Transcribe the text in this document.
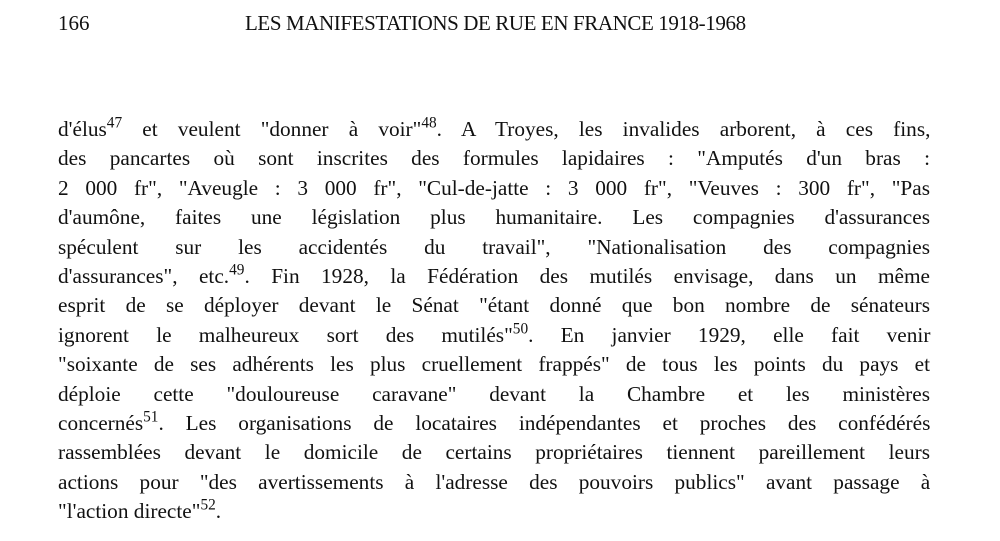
166	LES MANIFESTATIONS DE RUE EN FRANCE 1918-1968
d'élus$^{47}$ et veulent "donner à voir"$^{48}$. A Troyes, les invalides arborent, à ces fins,
des pancartes où sont inscrites des formules lapidaires : "Amputés d'un bras :
2 000 fr", "Aveugle : 3 000 fr", "Cul-de-jatte : 3 000 fr", "Veuves : 300 fr", "Pas
d'aumône, faites une législation plus humanitaire. Les compagnies d'assurances
spéculent sur les accidentés du travail", "Nationalisation des compagnies
d'assurances", etc.$^{49}$. Fin 1928, la Fédération des mutilés envisage, dans un même
esprit de se déployer devant le Sénat "étant donné que bon nombre de sénateurs
ignorent le malheureux sort des mutilés"$^{50}$. En janvier 1929, elle fait venir
"soixante de ses adhérents les plus cruellement frappés" de tous les points du pays et
déploie cette "douloureuse caravane" devant la Chambre et les ministères
concernés$^{51}$. Les organisations de locataires indépendantes et proches des confédérés
rassemblées devant le domicile de certains propriétaires tiennent pareillement leurs
actions pour "des avertissements à l'adresse des pouvoirs publics" avant passage à
"l'action directe"$^{52}$.
